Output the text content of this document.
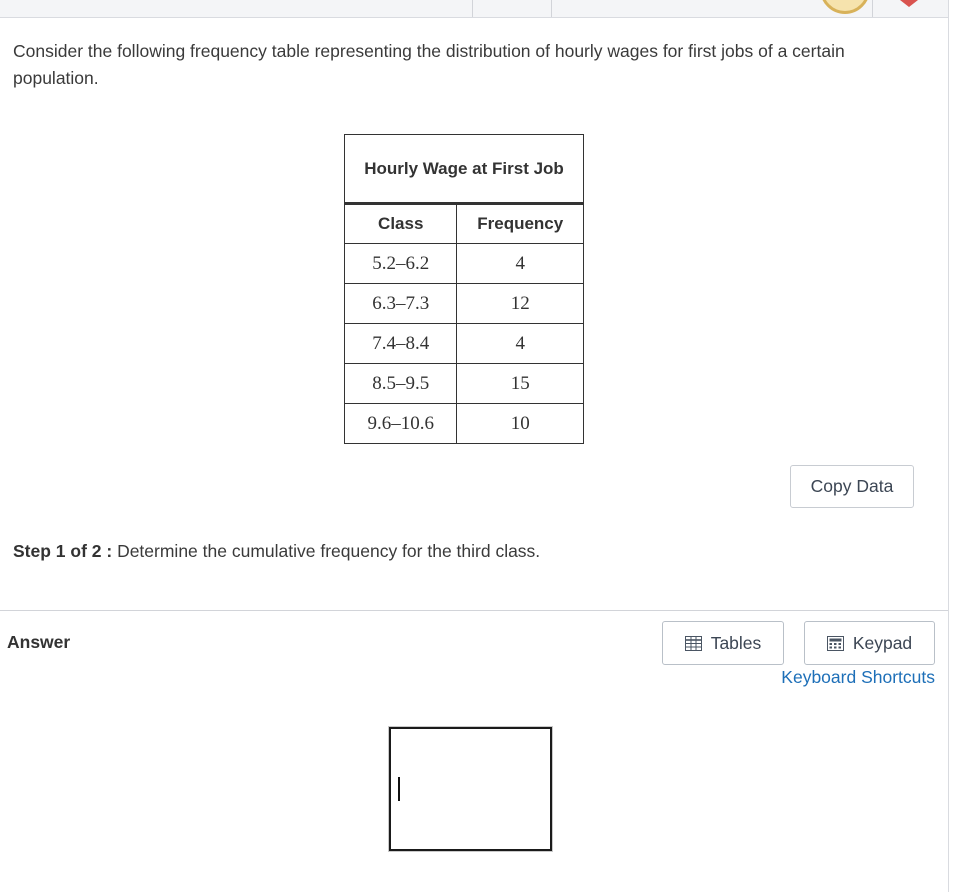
Consider the following frequency table representing the distribution of hourly wages for first jobs of a certain population.
Hourly Wage at First Job	
Class	Frequency
5.2–6.2	4
6.3–7.3	12
7.4–8.4	4
8.5–9.5	15
9.6–10.6	10
Copy Data
Step 1 of 2 : Determine the cumulative frequency for the third class.
Answer	Tables	Keypad
Keyboard Shortcuts
